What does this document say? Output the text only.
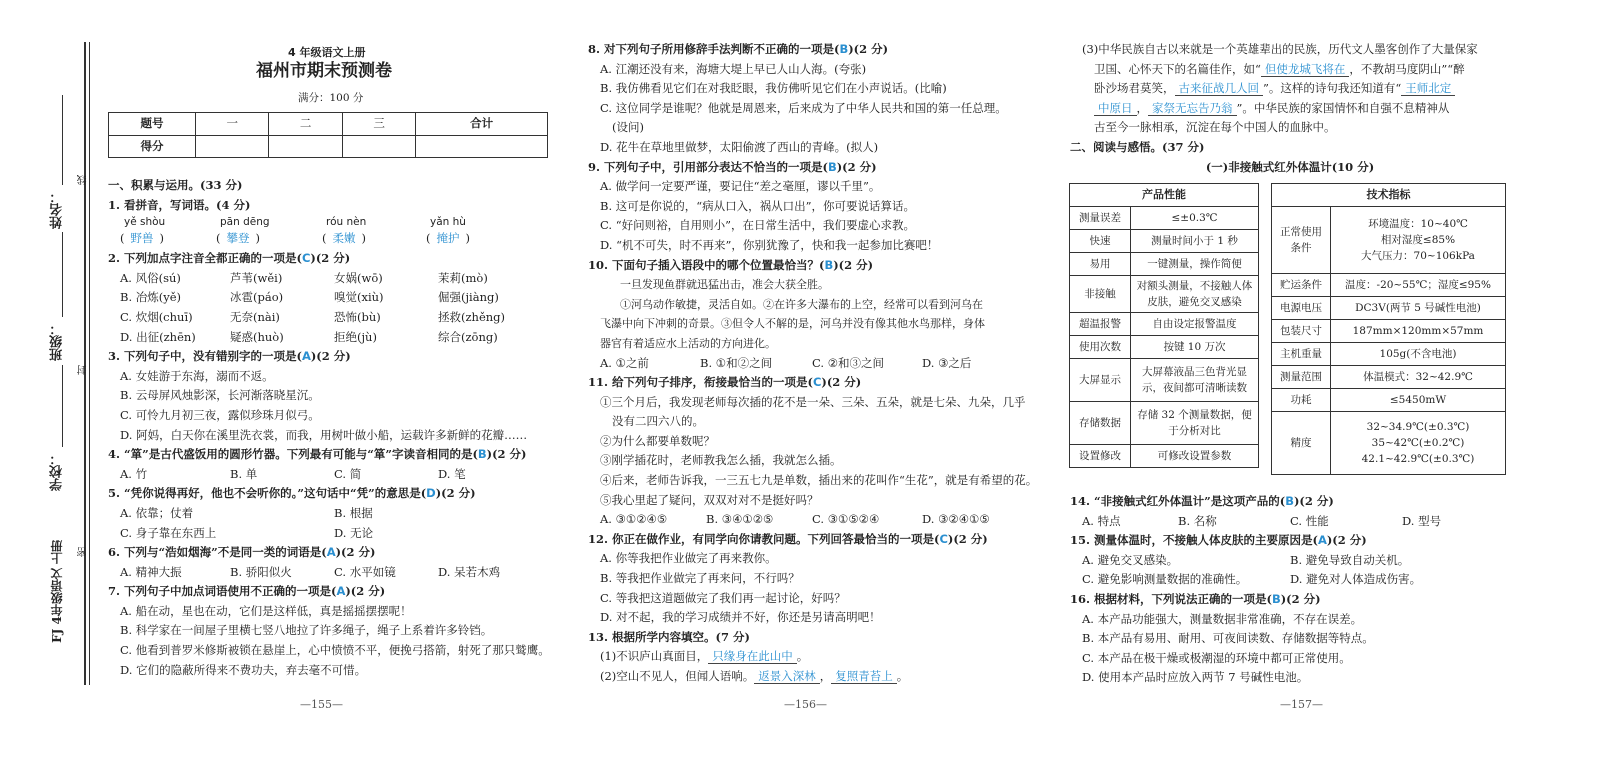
姓名：
班级：
学校：
FJ 4年级语文 上册
线
封
密

4 年级语文上册

福州市期末预测卷

满分：100 分

题号	一	二	三	合计
得分				

一、积累与运用。(33 分)

1. 看拼音，写词语。(4 分)

yě shòu	pān dēng	róu nèn	yǎn hù
( 野兽 )	( 攀登 )	( 柔嫩 )	( 掩护 )

2. 下列加点字注音全都正确的一项是(C)(2 分)

A. 风俗(sú)	芦苇(wěi)	女娲(wō)	茉莉(mò)

B. 冶炼(yě)	冰雹(páo)	嗅觉(xiù)	倔强(jiàng)

C. 炊烟(chuī)	无奈(nài)	恐怖(bù)	拯救(zhěng)

D. 出征(zhēn)	疑惑(huò)	拒绝(jù)	综合(zōng)

3. 下列句子中，没有错别字的一项是(A)(2 分)

A. 女娃游于东海，溺而不返。

B. 云母屏风烛影深，长河渐落晓星沉。

C. 可怜九月初三夜，露似珍珠月似弓。

D. 阿妈，白天你在溪里洗衣裳，而我，用树叶做小船，运载许多新鲜的花瓣……

4. “箪”是古代盛饭用的圆形竹器。下列最有可能与“箪”字读音相同的是(B)(2 分)

A. 竹	B. 单	C. 简	D. 笔

5. “凭你说得再好，他也不会听你的。”这句话中“凭”的意思是(D)(2 分)

A. 依靠；仗着	B. 根据

C. 身子靠在东西上	D. 无论

6. 下列与“浩如烟海”不是同一类的词语是(A)(2 分)

A. 精神大振	B. 骄阳似火	C. 水平如镜	D. 呆若木鸡

7. 下列句子中加点词语使用不正确的一项是(A)(2 分)

A. 船在动，星也在动，它们是这样低，真是摇摇摆摆呢！

B. 科学家在一间屋子里横七竖八地拉了许多绳子，绳子上系着许多铃铛。

C. 他看到普罗米修斯被锁在悬崖上，心中愤愤不平，便挽弓搭箭，射死了那只鹫鹰。

D. 它们的隐蔽所得来不费功夫，弃去毫不可惜。

—155—

8. 对下列句子所用修辞手法判断不正确的一项是(B)(2 分)

A. 江潮还没有来，海塘大堤上早已人山人海。(夸张)

B. 我仿佛看见它们在对我眨眼，我仿佛听见它们在小声说话。(比喻)

C. 这位同学是谁呢？他就是周恩来，后来成为了中华人民共和国的第一任总理。

(设问)

D. 花牛在草地里做梦，太阳偷渡了西山的青峰。(拟人)

9. 下列句子中，引用部分表达不恰当的一项是(B)(2 分)

A. 做学问一定要严谨，要记住“差之毫厘，谬以千里”。

B. 这可是你说的，“病从口入，祸从口出”，你可要说话算话。

C. “好问则裕，自用则小”，在日常生活中，我们要虚心求教。

D. “机不可失，时不再来”，你别犹豫了，快和我一起参加比赛吧！

10. 下面句子插入语段中的哪个位置最恰当？(B)(2 分)

一旦发现鱼群就迅猛出击，准会大获全胜。

①河乌动作敏捷，灵活自如。②在许多大瀑布的上空，经常可以看到河乌在

飞瀑中向下冲刺的奇景。③但令人不解的是，河乌并没有像其他水鸟那样，身体

器官有着适应水上活动的方向进化。

A. ①之前	B. ①和②之间	C. ②和③之间	D. ③之后

11. 给下列句子排序，衔接最恰当的一项是(C)(2 分)

①三个月后，我发现老师每次插的花不是一朵、三朵、五朵，就是七朵、九朵，几乎

没有二四六八的。

②为什么都要单数呢？

③刚学插花时，老师教我怎么插，我就怎么插。

④后来，老师告诉我，一三五七九是单数，插出来的花叫作“生花”，就是有希望的花。

⑤我心里起了疑问，双双对对不是挺好吗？

A. ③①②④⑤	B. ③④①②⑤	C. ③①⑤②④	D. ③②④①⑤

12. 你正在做作业，有同学向你请教问题。下列回答最恰当的一项是(C)(2 分)

A. 你等我把作业做完了再来教你。

B. 等我把作业做完了再来问，不行吗？

C. 等我把这道题做完了我们再一起讨论，好吗？

D. 对不起，我的学习成绩并不好，你还是另请高明吧！

13. 根据所学内容填空。(7 分)

(1)不识庐山真面目， 只缘身在此山中 。

(2)空山不见人，但闻人语响。 返景入深林 ， 复照青苔上 。

—156—

(3)中华民族自古以来就是一个英雄辈出的民族，历代文人墨客创作了大量保家

卫国、心怀天下的名篇佳作，如“ 但使龙城飞将在 ，不教胡马度阴山”“醉

卧沙场君莫笑， 古来征战几人回 ”。这样的诗句我还知道有“ 王师北定

中原日 ， 家祭无忘告乃翁 ”。中华民族的家国情怀和自强不息精神从

古至今一脉相承，沉淀在每个中国人的血脉中。

二、阅读与感悟。(37 分)

(一)非接触式红外体温计(10 分)

产品性能	
测量误差	≤±0.3℃
快速	测量时间小于 1 秒
易用	一键测量，操作简便
非接触	对额头测量，不接触人体皮肤，避免交叉感染
超温报警	自由设定报警温度
使用次数	按键 10 万次
大屏显示	大屏幕液晶三色背光显示，夜间都可清晰读数
存储数据	存储 32 个测量数据，便于分析对比
设置修改	可修改设置参数
技术指标	
正常使用条件	环境温度：10~40℃
相对湿度≤85%
大气压力：70~106kPa

贮运条件	温度：-20~55℃；湿度≤95%
电源电压	DC3V(两节 5 号碱性电池)
包装尺寸	187mm×120mm×57mm
主机重量	105g(不含电池)
测量范围	体温模式：32~42.9℃
功耗	≤5450mW
精度	32~34.9℃(±0.3℃)
35~42℃(±0.2℃)
42.1~42.9℃(±0.3℃)

14. “非接触式红外体温计”是这项产品的(B)(2 分)

A. 特点	B. 名称	C. 性能	D. 型号

15. 测量体温时，不接触人体皮肤的主要原因是(A)(2 分)

A. 避免交叉感染。	B. 避免导致自动关机。

C. 避免影响测量数据的准确性。	D. 避免对人体造成伤害。

16. 根据材料，下列说法正确的一项是(B)(2 分)

A. 本产品功能强大，测量数据非常准确，不存在误差。

B. 本产品有易用、耐用、可夜间读数、存储数据等特点。

C. 本产品在极干燥或极潮湿的环境中都可正常使用。

D. 使用本产品时应放入两节 7 号碱性电池。

—157—
